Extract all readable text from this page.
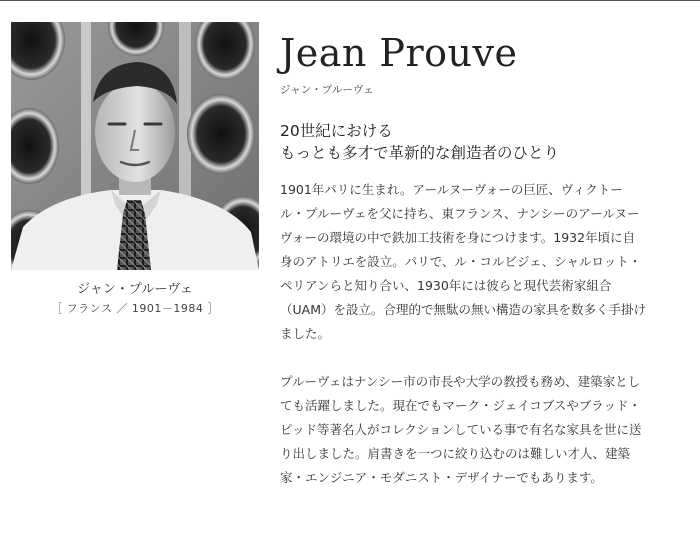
ジャン・プルーヴェ
［ フランス ／ 1901－1984 ］
Jean Prouve
ジャン・プルーヴェ
20世紀における
もっとも多才で革新的な創造者のひとり
1901年パリに生まれ。アールヌーヴォーの巨匠、ヴィクトー
ル・プルーヴェを父に持ち、東フランス、ナンシーのアールヌー
ヴォーの環境の中で鉄加工技術を身につけます。1932年頃に自
身のアトリエを設立。パリで、ル・コルビジェ、シャルロット・
ペリアンらと知り合い、1930年には彼らと現代芸術家組合
（UAM）を設立。合理的で無駄の無い構造の家具を数多く手掛け
ました。
プルーヴェはナンシー市の市長や大学の教授も務め、建築家とし
ても活躍しました。現在でもマーク・ジェイコブスやブラッド・
ピッド等著名人がコレクションしている事で有名な家具を世に送
り出しました。肩書きを一つに絞り込むのは難しい才人、建築
家・エンジニア・モダニスト・デザイナーでもあります。
